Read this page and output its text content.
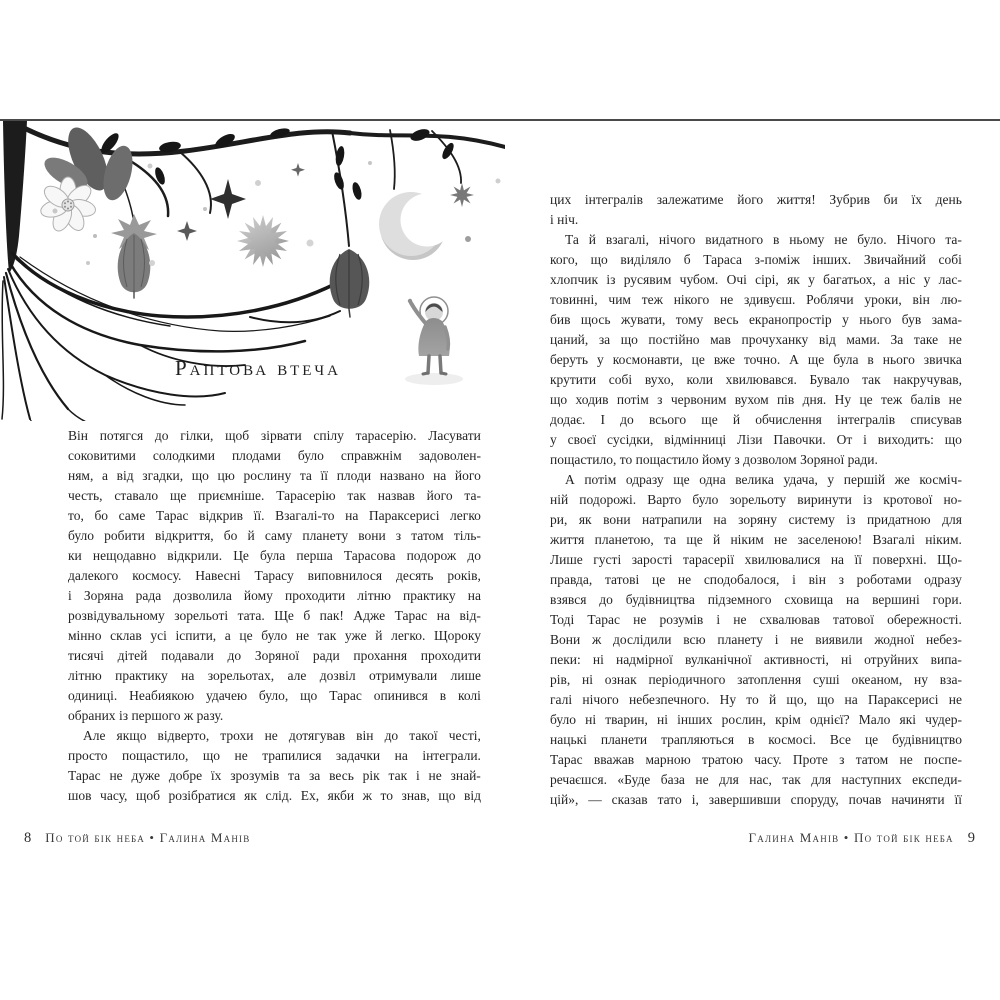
Раптова втеча
Він потягся до гілки, щоб зірвати спілу тарасерію. Ласувати
соковитими солодкими плодами було справжнім задоволен-
ням, а від згадки, що цю рослину та її плоди названо на його
честь, ставало ще приємніше. Тарасерію так назвав його та-
то, бо саме Тарас відкрив її. Взагалі-то на Параксерисі легко
було робити відкриття, бо й саму планету вони з татом тіль-
ки нещодавно відкрили. Це була перша Тарасова подорож до
далекого космосу. Навесні Тарасу виповнилося десять років,
і Зоряна рада дозволила йому проходити літню практику на
розвідувальному зорельоті тата. Ще б пак! Адже Тарас на від-
мінно склав усі іспити, а це було не так уже й легко. Щороку
тисячі дітей подавали до Зоряної ради прохання проходити
літню практику на зорельотах, але дозвіл отримували лише
одиниці. Неабиякою удачею було, що Тарас опинився в колі
обраних із першого ж разу.
Але якщо відверто, трохи не дотягував він до такої честі,
просто пощастило, що не трапилися задачки на інтеграли.
Тарас не дуже добре їх зрозумів та за весь рік так і не знай-
шов часу, щоб розібратися як слід. Ех, якби ж то знав, що від
цих інтегралів залежатиме його життя! Зубрив би їх день
і ніч.
Та й взагалі, нічого видатного в ньому не було. Нічого та-
кого, що виділяло б Тараса з-поміж інших. Звичайний собі
хлопчик із русявим чубом. Очі сірі, як у багатьох, а ніс у лас-
товинні, чим теж нікого не здивуєш. Роблячи уроки, він лю-
бив щось жувати, тому весь екранопростір у нього був зама-
цаний, за що постійно мав прочуханку від мами. За таке не
беруть у космонавти, це вже точно. А ще була в нього звичка
крутити собі вухо, коли хвилювався. Бувало так накручував,
що ходив потім з червоним вухом пів дня. Ну це теж балів не
додає. І до всього ще й обчислення інтегралів списував
у своєї сусідки, відмінниці Лізи Павочки. От і виходить: що
пощастило, то пощастило йому з дозволом Зоряної ради.
А потім одразу ще одна велика удача, у першій же косміч-
ній подорожі. Варто було зорельоту виринути із кротової но-
ри, як вони натрапили на зоряну систему із придатною для
життя планетою, та ще й ніким не заселеною! Взагалі ніким.
Лише густі зарості тарасерії хвилювалися на її поверхні. Що-
правда, татові це не сподобалося, і він з роботами одразу
взявся до будівництва підземного сховища на вершині гори.
Тоді Тарас не розумів і не схвалював татової обережності.
Вони ж дослідили всю планету і не виявили жодної небез-
пеки: ні надмірної вулканічної активності, ні отруйних випа-
рів, ні ознак періодичного затоплення суші океаном, ну вза-
галі нічого небезпечного. Ну то й що, що на Параксерисі не
було ні тварин, ні інших рослин, крім однієї? Мало які чудер-
нацькі планети трапляються в космосі. Все це будівництво
Тарас вважав марною тратою часу. Проте з татом не поспе-
речаєшся. «Буде база не для нас, так для наступних експеди-
цій», — сказав тато і, завершивши споруду, почав начиняти її
8 По той бік неба • Галина Манів	Галина Манів • По той бік неба 9
